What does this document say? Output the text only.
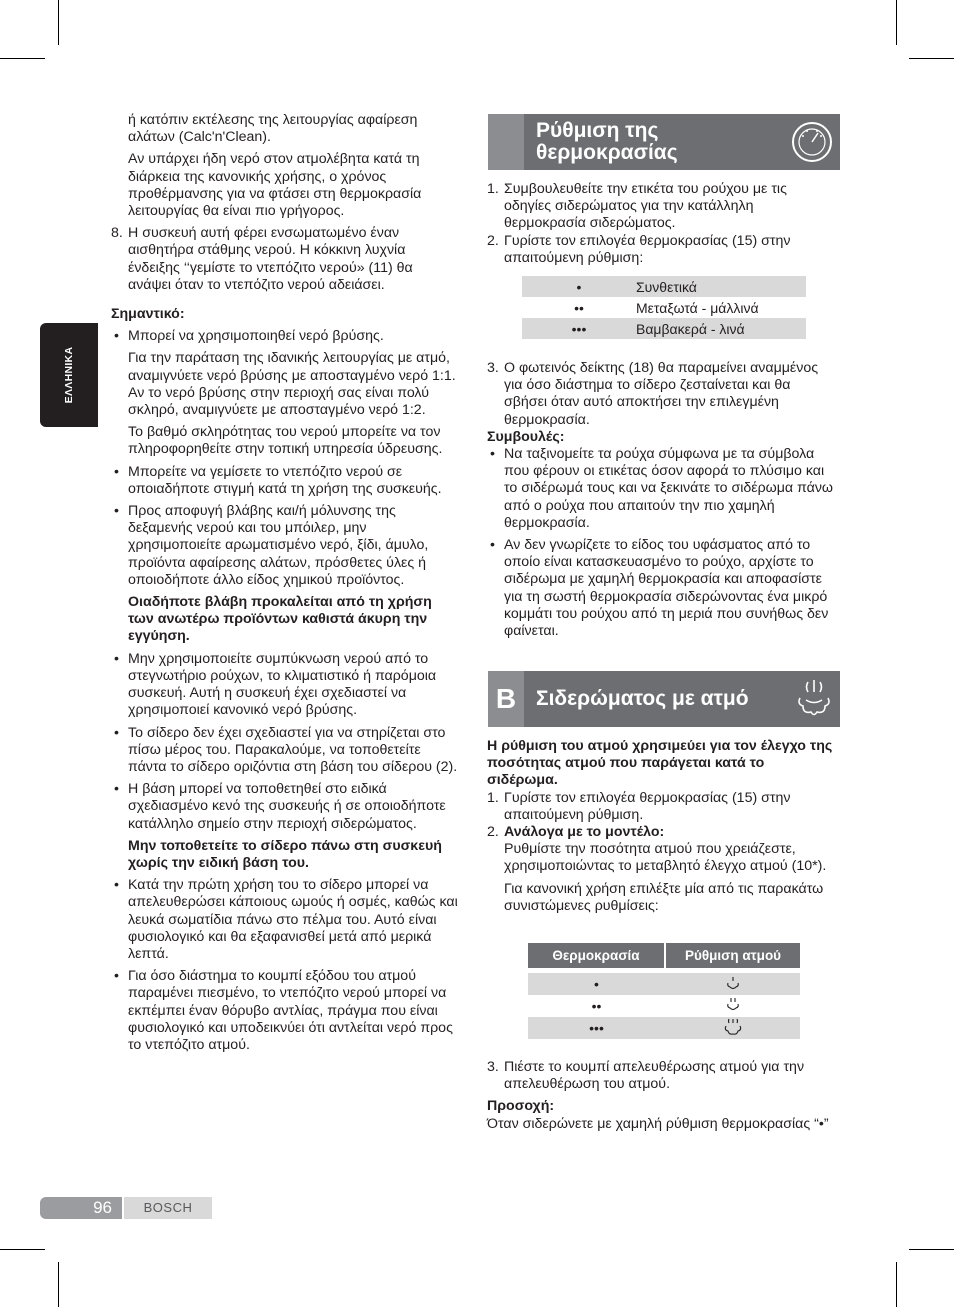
ΕΛΛΗΝΙΚΑ

ή κατόπιν εκτέλεσης της λειτουργίας αφαίρεση αλάτων (Calc'n'Clean).

Αν υπάρχει ήδη νερό στον ατμολέβητα κατά τη διάρκεια της κανονικής χρήσης, ο χρόνος προθέρμανσης για να φτάσει στη θερμοκρασία λειτουργίας θα είναι πιο γρήγορος.

8. Η συσκευή αυτή φέρει ενσωματωμένο έναν αισθητήρα στάθμης νερού. Η κόκκινη λυχνία ένδειξης ‘‘γεμίστε το ντεπόζιτο νερού» (11) θα ανάψει όταν το ντεπόζιτο νερού αδειάσει.

Σημαντικό:

• Μπορεί να χρησιμοποιηθεί νερό βρύσης.

Για την παράταση της ιδανικής λειτουργίας με ατμό, αναμιγνύετε νερό βρύσης με αποσταγμένο νερό 1:1. Αν το νερό βρύσης στην περιοχή σας είναι πολύ σκληρό, αναμιγνύετε με αποσταγμένο νερό 1:2.

Το βαθμό σκληρότητας του νερού μπορείτε να τον πληροφορηθείτε στην τοπική υπηρεσία ύδρευσης.

• Μπορείτε να γεμίσετε το ντεπόζιτο νερού σε οποιαδήποτε στιγμή κατά τη χρήση της συσκευής.

• Προς αποφυγή βλάβης και/ή μόλυνσης της δεξαμενής νερού και του μπόιλερ, μην χρησιμοποιείτε αρωματισμένο νερό, ξίδι, άμυλο, προϊόντα αφαίρεσης αλάτων, πρόσθετες ύλες ή οποιοδήποτε άλλο είδος χημικού προϊόντος.

Οιαδήποτε βλάβη προκαλείται από τη χρήση των ανωτέρω προϊόντων καθιστά άκυρη την εγγύηση.

• Μην χρησιμοποιείτε συμπύκνωση νερού από το στεγνωτήριο ρούχων, το κλιματιστικό ή παρόμοια συσκευή. Αυτή η συσκευή έχει σχεδιαστεί να χρησιμοποιεί κανονικό νερό βρύσης.

• Το σίδερο δεν έχει σχεδιαστεί για να στηρίζεται στο πίσω μέρος του. Παρακαλούμε, να τοποθετείτε πάντα το σίδερο οριζόντια στη βάση του σίδερου (2).

• Η βάση μπορεί να τοποθετηθεί στο ειδικά σχεδιασμένο κενό της συσκευής ή σε οποιοδήποτε κατάλληλο σημείο στην περιοχή σιδερώματος.

Μην τοποθετείτε το σίδερο πάνω στη συσκευή χωρίς την ειδική βάση του.

• Κατά την πρώτη χρήση του το σίδερο μπορεί να απελευθερώσει κάποιους ωμούς ή οσμές, καθώς και λευκά σωματίδια πάνω στο πέλμα του. Αυτό είναι φυσιολογικό και θα εξαφανισθεί μετά από μερικά λεπτά.

• Για όσο διάστημα το κουμπί εξόδου του ατμού παραμένει πιεσμένο, το ντεπόζιτο νερού μπορεί να εκπέμπει έναν θόρυβο αντλίας, πράγμα που είναι φυσιολογικό και υποδεικνύει ότι αντλείται νερό προς το ντεπόζιτο ατμού.

Ρύθμιση της
θερμοκρασίας
1. Συμβουλευθείτε την ετικέτα του ρούχου με τις οδηγίες σιδερώματος για την κατάλληλη θερμοκρασία σιδερώματος.

2. Γυρίστε τον επιλογέα θερμοκρασίας (15) στην απαιτούμενη ρύθμιση:

•	Συνθετικά
••	Μεταξωτά - μάλλινά
•••	Βαμβακερά - λινά
3. Ο φωτεινός δείκτης (18) θα παραμείνει αναμμένος για όσο διάστημα το σίδερο ζεσταίνεται και θα σβήσει όταν αυτό αποκτήσει την επιλεγμένη θερμοκρασία.

Συμβουλές:

• Να ταξινομείτε τα ρούχα σύμφωνα με τα σύμβολα που φέρουν οι ετικέτας όσον αφορά το πλύσιμο και το σιδέρωμά τους και να ξεκινάτε το σιδέρωμα πάνω από ο ρούχα που απαιτούν την πιο χαμηλή θερμοκρασία.

• Αν δεν γνωρίζετε το είδος του υφάσματος από το οποίο είναι κατασκευασμένο το ρούχο, αρχίστε το σιδέρωμα με χαμηλή θερμοκρασία και αποφασίστε για τη σωστή θερμοκρασία σιδερώνοντας ένα μικρό κομμάτι του ρούχου από τη μεριά που συνήθως δεν φαίνεται.

B Σιδερώματος με ατμό

Η ρύθμιση του ατμού χρησιμεύει για τον έλεγχο της ποσότητας ατμού που παράγεται κατά το σιδέρωμα.

1. Γυρίστε τον επιλογέα θερμοκρασίας (15) στην απαιτούμενη ρύθμιση.

2. Ανάλογα με το μοντέλο:

Ρυθμίστε την ποσότητα ατμού που χρειάζεστε, χρησιμοποιώντας το μεταβλητό έλεγχο ατμού (10*).

Για κανονική χρήση επιλέξτε μία από τις παρακάτω συνιστώμενες ρυθμίσεις:

Θερμοκρασία	Ρύθμιση ατμού

•	
••	
•••	
3. Πιέστε το κουμπί απελευθέρωσης ατμού για την απελευθέρωση του ατμού.

Προσοχή:

Όταν σιδερώνετε με χαμηλή ρύθμιση θερμοκρασίας “•”

96	BOSCH
